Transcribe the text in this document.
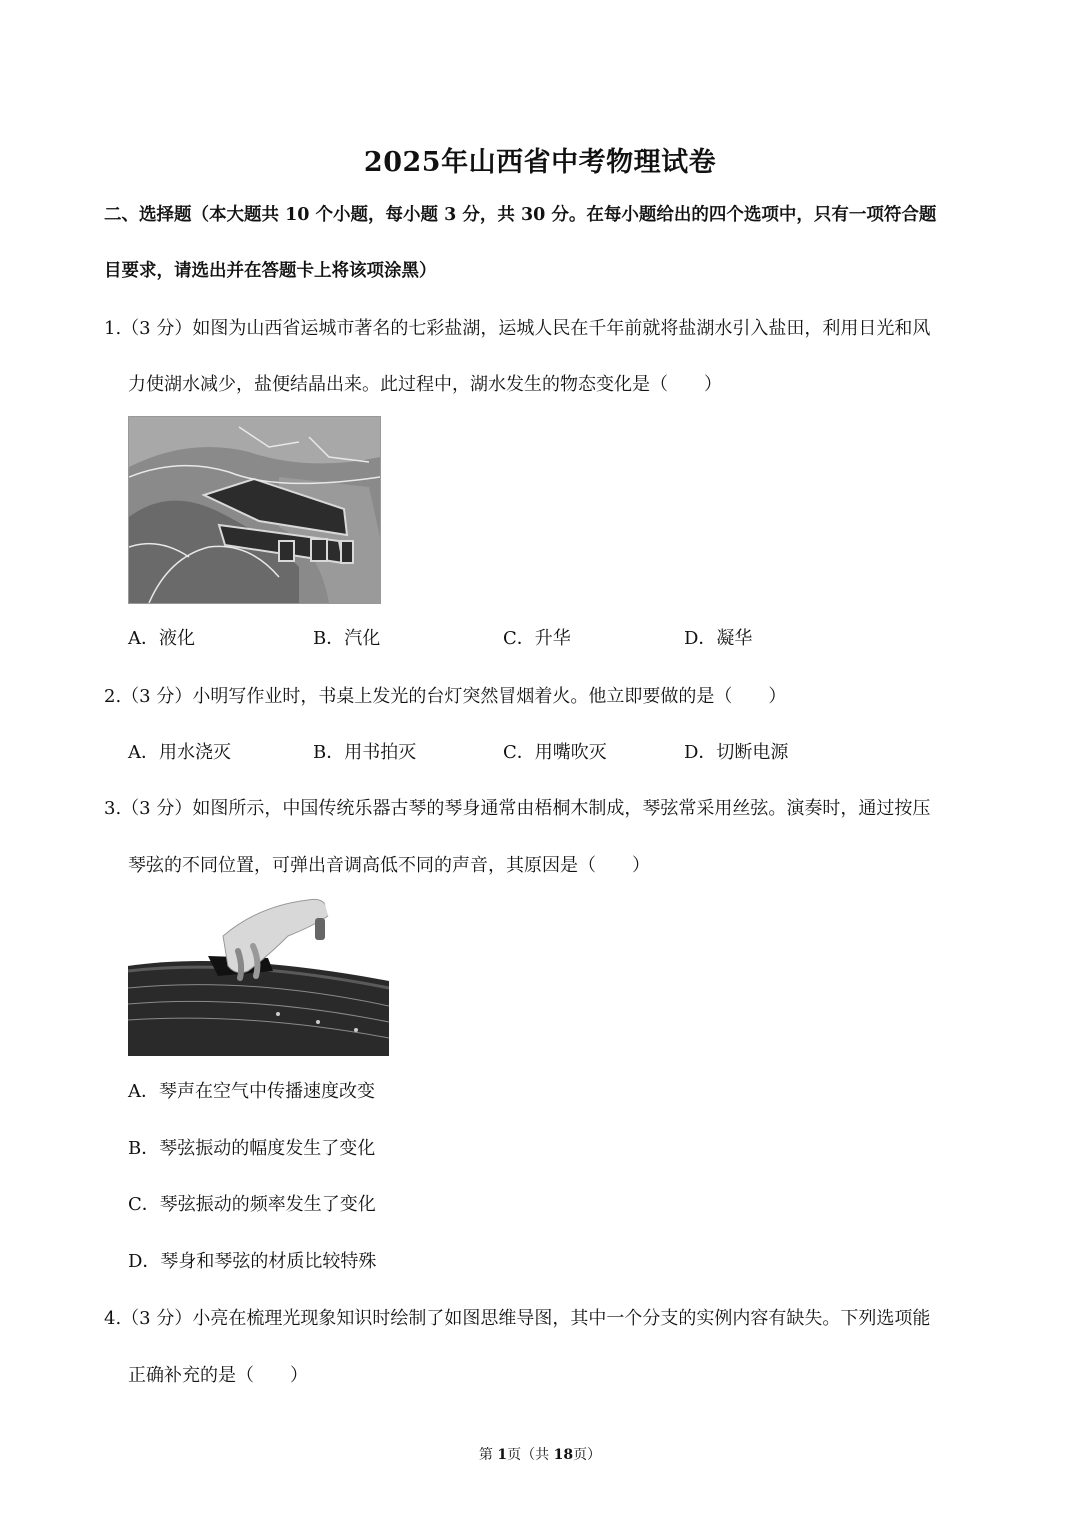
2025年山西省中考物理试卷
二、选择题（本大题共 10 个小题，每小题 3 分，共 30 分。在每小题给出的四个选项中，只有一项符合题
目要求，请选出并在答题卡上将该项涂黑）
1.（3 分）如图为山西省运城市著名的七彩盐湖，运城人民在千年前就将盐湖水引入盐田，利用日光和风
力使湖水减少，盐便结晶出来。此过程中，湖水发生的物态变化是（　　）
A．液化	B．汽化	C．升华	D．凝华
2.（3 分）小明写作业时，书桌上发光的台灯突然冒烟着火。他立即要做的是（　　）
A．用水浇灭	B．用书拍灭	C．用嘴吹灭	D．切断电源
3.（3 分）如图所示，中国传统乐器古琴的琴身通常由梧桐木制成，琴弦常采用丝弦。演奏时，通过按压
琴弦的不同位置，可弹出音调高低不同的声音，其原因是（　　）
A．琴声在空气中传播速度改变
B．琴弦振动的幅度发生了变化
C．琴弦振动的频率发生了变化
D．琴身和琴弦的材质比较特殊
4.（3 分）小亮在梳理光现象知识时绘制了如图思维导图，其中一个分支的实例内容有缺失。下列选项能
正确补充的是（　　）
第 1页（共 18页）
